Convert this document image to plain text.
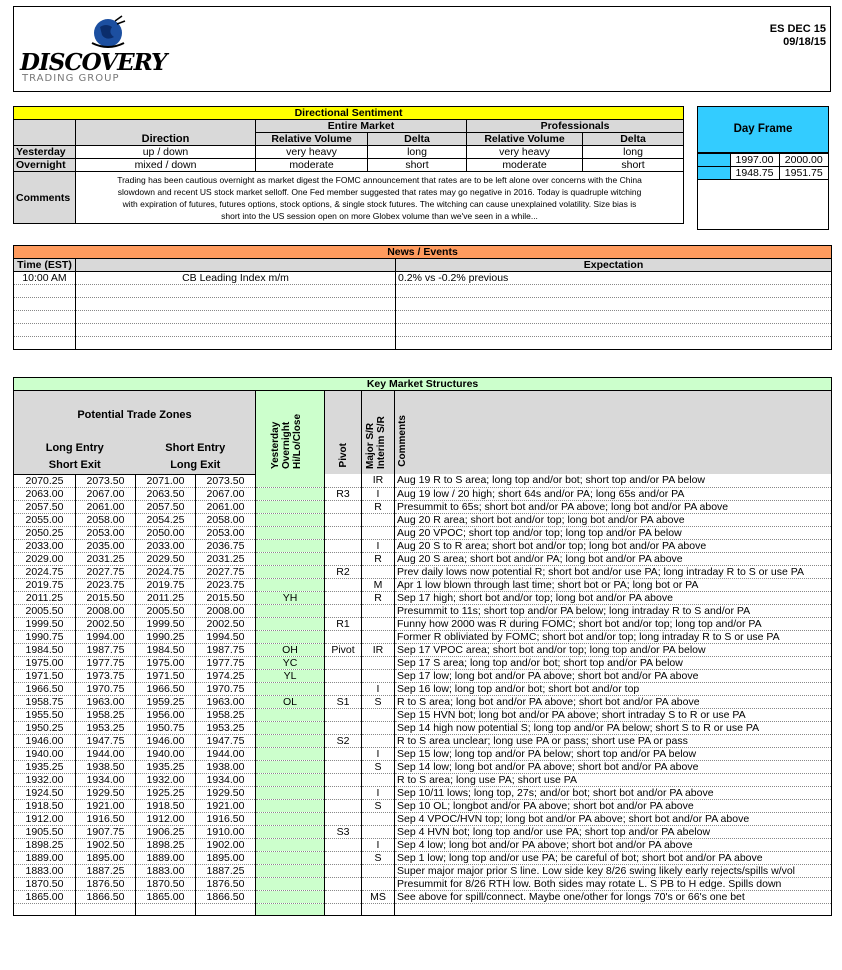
DISCOVERY
TRADING GROUP
ES DEC 15
09/18/15
Directional Sentiment					
	Direction	Entire Market		Professionals	
		Relative Volume	Delta	Relative Volume	Delta
Yesterday	up / down	very heavy	long	very heavy	long
Overnight	mixed / down	moderate	short	moderate	short
Comments	Trading has been cautious overnight as market digest the FOMC announcement that rates are to be left alone over concerns with the China
slowdown and recent US stock market selloff. One Fed member suggested that rates may go negative in 2016. Today is quadruple witching
with expiration of futures, futures options, stock options, & single stock futures. The witching can cause unexplained volatility. Size bias is
short into the US session open on more Globex volume than we've seen in a while...				
Day Frame
	1997.00	2000.00
	1948.75	1951.75
News / Events		
Time (EST)		Expectation
10:00 AM	CB Leading Index m/m	0.2% vs -0.2% previous

Key Market Structures							
Potential Trade Zones				Yesterday Overnight Hi/Lo/Close	Pivot	Major S/R Interim S/R	Comments
Long Entry		Short Entry					
Short Exit		Long Exit					
2070.25	2073.50	2071.00	2073.50			IR	Aug 19 R to S area; long top and/or bot; short top and/or PA below
2063.00	2067.00	2063.50	2067.00		R3	I	Aug 19 low / 20 high; short 64s and/or PA; long 65s and/or PA
2057.50	2061.00	2057.50	2061.00			R	Presummit to 65s; short bot and/or PA above; long bot and/or PA above
2055.00	2058.00	2054.25	2058.00				Aug 20 R area; short bot and/or top; long bot and/or PA above
2050.25	2053.00	2050.00	2053.00				Aug 20 VPOC; short top and/or top; long top and/or PA below
2033.00	2035.00	2033.00	2036.75			I	Aug 20 S to R area; short bot and/or top; long bot and/or PA above
2029.00	2031.25	2029.50	2031.25			R	Aug 20 S area; short bot and/or PA; long bot and/or PA above
2024.75	2027.75	2024.75	2027.75		R2		Prev daily lows now potential R; short bot and/or use PA; long intraday R to S or use PA
2019.75	2023.75	2019.75	2023.75			M	Apr 1 low blown through last time; short bot or PA; long bot or PA
2011.25	2015.50	2011.25	2015.50	YH		R	Sep 17 high; short bot and/or top; long bot and/or PA above
2005.50	2008.00	2005.50	2008.00				Presummit to 11s; short top and/or PA below; long intraday R to S and/or PA
1999.50	2002.50	1999.50	2002.50		R1		Funny how 2000 was R during FOMC; short bot and/or top; long top and/or PA
1990.75	1994.00	1990.25	1994.50				Former R obliviated by FOMC; short bot and/or top; long intraday R to S or use PA
1984.50	1987.75	1984.50	1987.75	OH	Pivot	IR	Sep 17 VPOC area; short bot and/or top; long top and/or PA below
1975.00	1977.75	1975.00	1977.75	YC			Sep 17 S area; long top and/or bot; short top and/or PA below
1971.50	1973.75	1971.50	1974.25	YL			Sep 17 low; long bot and/or PA above; short bot and/or PA above
1966.50	1970.75	1966.50	1970.75			I	Sep 16 low; long top and/or bot; short bot and/or top
1958.75	1963.00	1959.25	1963.00	OL	S1	S	R to S area; long bot and/or PA above; short bot and/or PA above
1955.50	1958.25	1956.00	1958.25				Sep 15 HVN bot; long bot and/or PA above; short intraday S to R or use PA
1950.25	1953.25	1950.75	1953.25				Sep 14 high now potential S; long top and/or PA below; short S to R or use PA
1946.00	1947.75	1946.00	1947.75		S2		R to S area unclear; long use PA or pass; short use PA or pass
1940.00	1944.00	1940.00	1944.00			I	Sep 15 low; long top and/or PA below; short top and/or PA below
1935.25	1938.50	1935.25	1938.00			S	Sep 14 low; long bot and/or PA above; short bot and/or PA above
1932.00	1934.00	1932.00	1934.00				R to S area; long use PA; short use PA
1924.50	1929.50	1925.25	1929.50			I	Sep 10/11 lows; long top, 27s; and/or bot; short bot and/or PA above
1918.50	1921.00	1918.50	1921.00			S	Sep 10 OL; longbot and/or PA above; short bot and/or PA above
1912.00	1916.50	1912.00	1916.50				Sep 4 VPOC/HVN top; long bot and/or PA above; short bot and/or PA above
1905.50	1907.75	1906.25	1910.00		S3		Sep 4 HVN bot; long top and/or use PA; short top and/or PA abelow
1898.25	1902.50	1898.25	1902.00			I	Sep 4 low; long bot and/or PA above; short bot and/or PA above
1889.00	1895.00	1889.00	1895.00			S	Sep 1 low; long top and/or use PA; be careful of bot; short bot and/or PA above
1883.00	1887.25	1883.00	1887.25				Super major major prior S line. Low side key 8/26 swing likely early rejects/spills w/vol
1870.50	1876.50	1870.50	1876.50				Presummit for 8/26 RTH low. Both sides may rotate L. S PB to H edge. Spills down
1865.00	1866.50	1865.00	1866.50			MS	See above for spill/connect. Maybe one/other for longs 70's or 66's one bet
